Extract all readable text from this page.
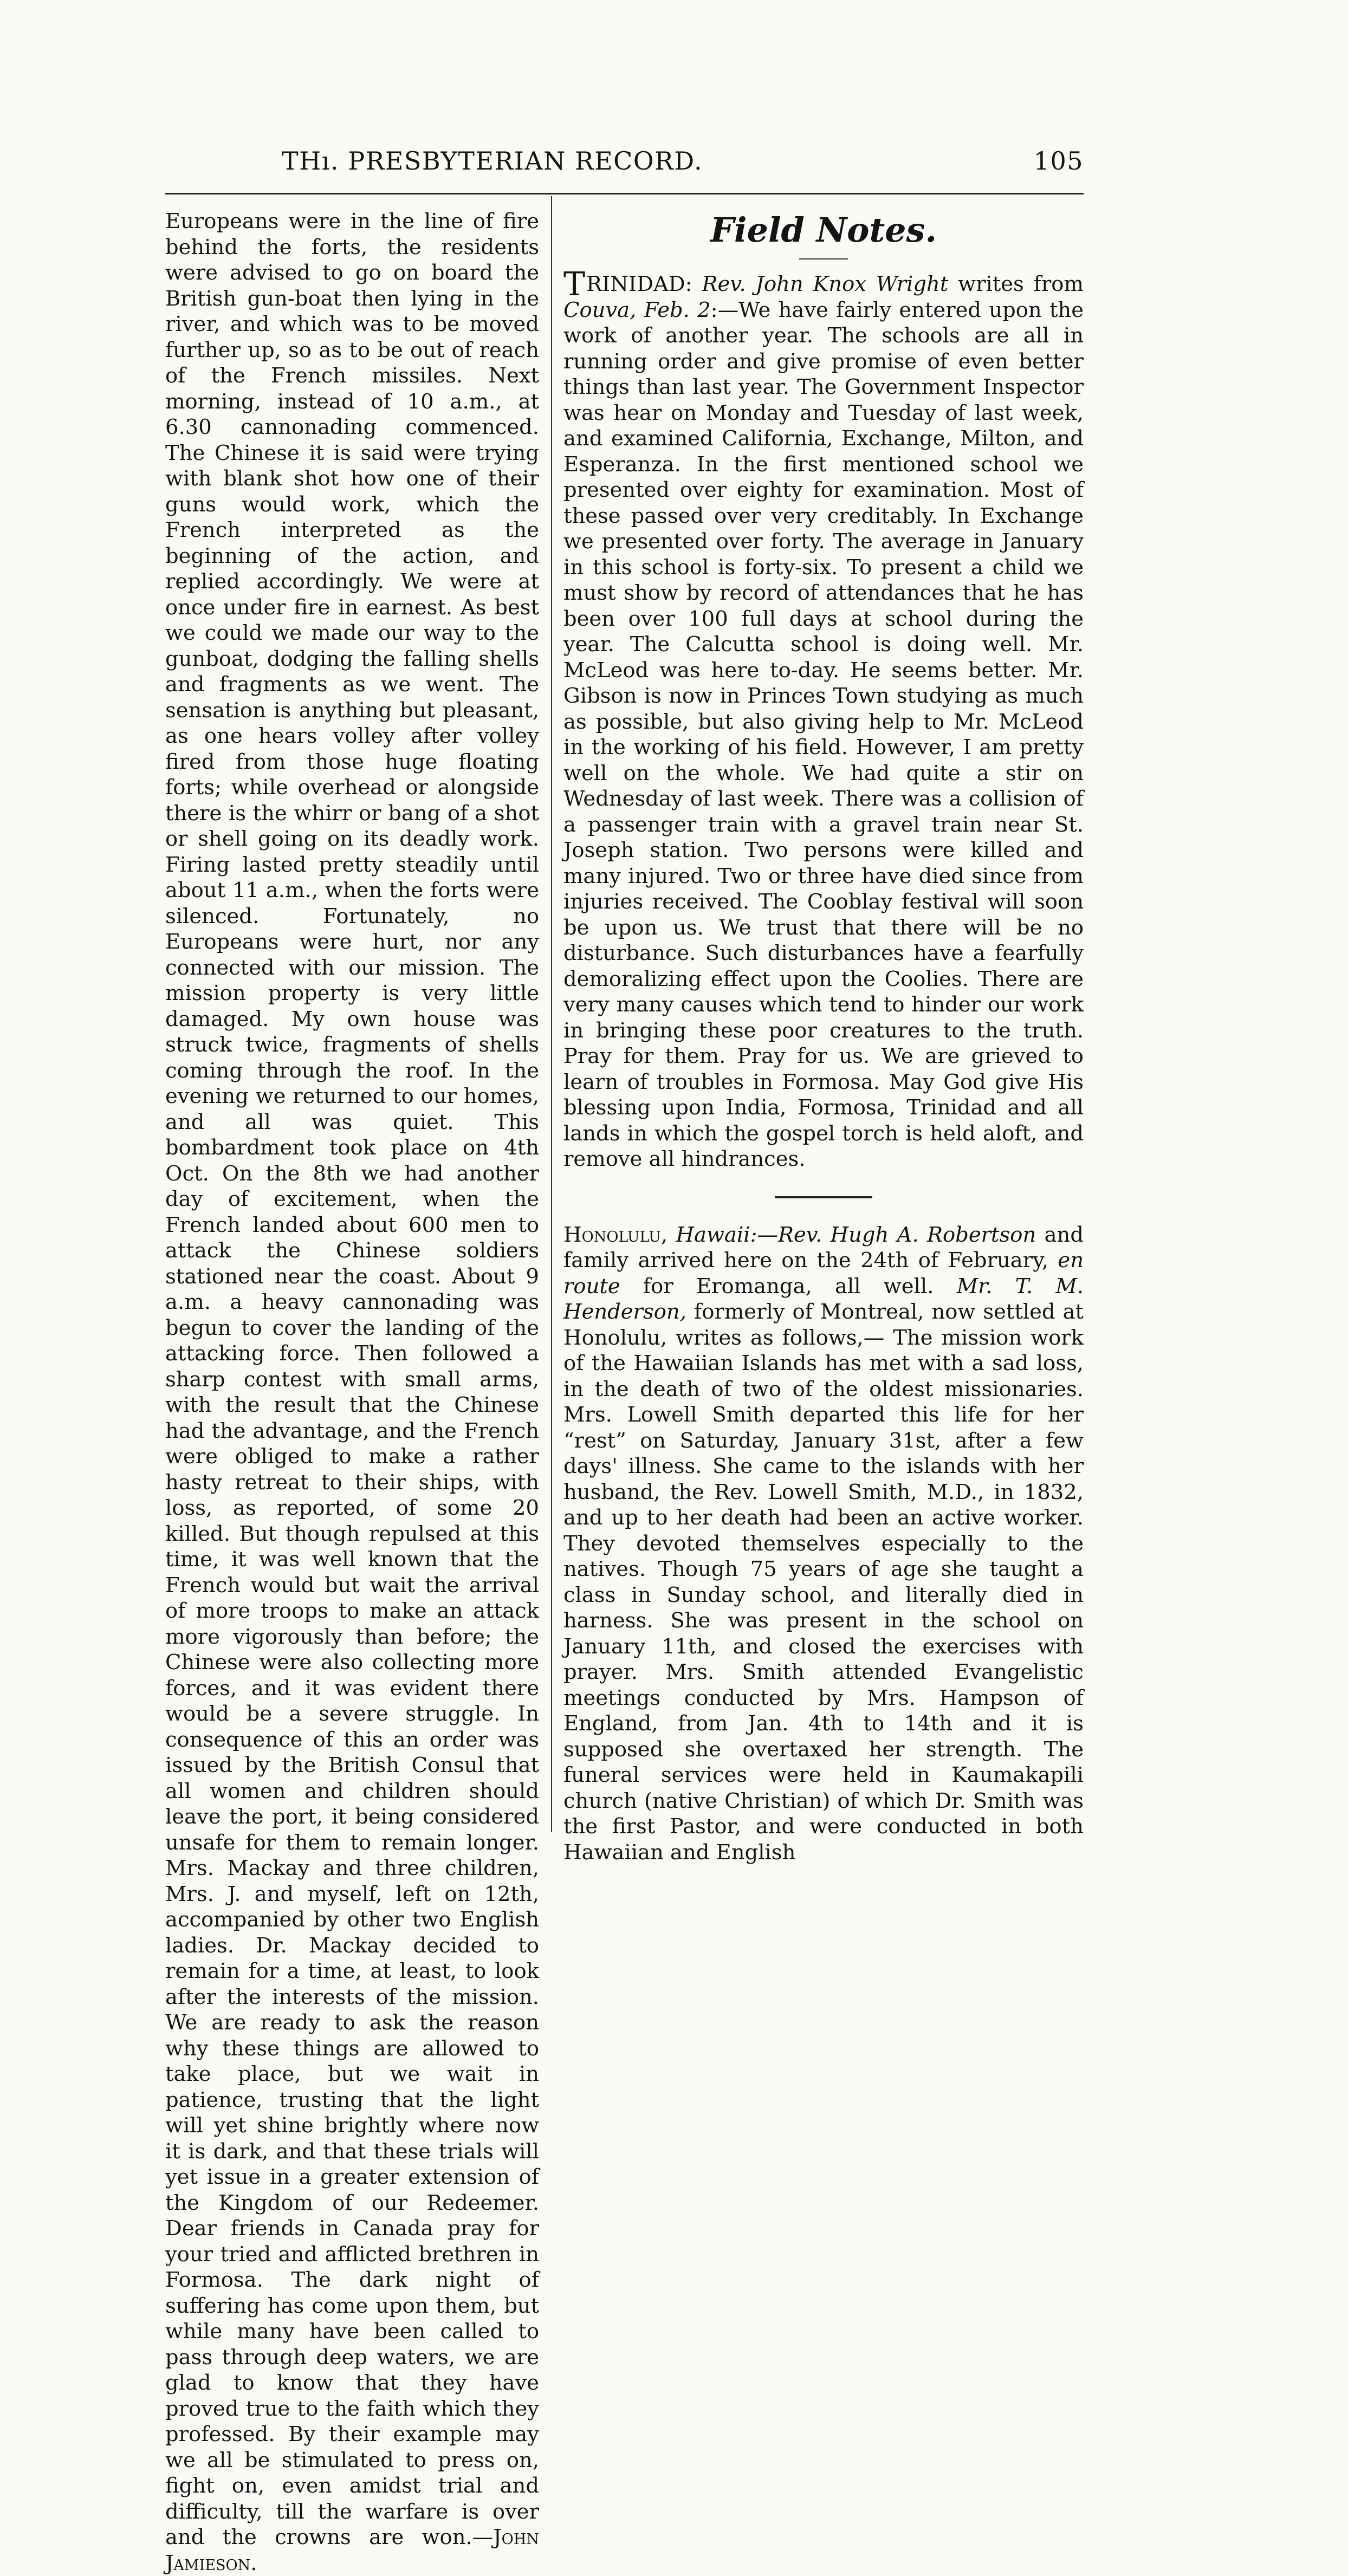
THı. PRESBYTERIAN RECORD.	105

Europeans were in the line of fire behind the forts, the residents were advised to go on board the British gun-boat then lying in the river, and which was to be moved further up, so as to be out of reach of the French missiles. Next morning, instead of 10 a.m., at 6.30 cannonading commenced. The Chinese it is said were trying with blank shot how one of their guns would work, which the French interpreted as the beginning of the action, and replied accordingly. We were at once under fire in earnest. As best we could we made our way to the gunboat, dodging the falling shells and fragments as we went. The sensation is anything but pleasant, as one hears volley after volley fired from those huge floating forts; while overhead or alongside there is the whirr or bang of a shot or shell going on its deadly work. Firing lasted pretty steadily until about 11 a.m., when the forts were silenced. Fortunately, no Europeans were hurt, nor any connected with our mission. The mission property is very little damaged. My own house was struck twice, fragments of shells coming through the roof. In the evening we returned to our homes, and all was quiet. This bombardment took place on 4th Oct. On the 8th we had another day of excitement, when the French landed about 600 men to attack the Chinese soldiers stationed near the coast. About 9 a.m. a heavy cannonading was begun to cover the landing of the attacking force. Then followed a sharp contest with small arms, with the result that the Chinese had the advantage, and the French were obliged to make a rather hasty retreat to their ships, with loss, as reported, of some 20 killed. But though repulsed at this time, it was well known that the French would but wait the arrival of more troops to make an attack more vigorously than before; the Chinese were also collecting more forces, and it was evident there would be a severe struggle. In consequence of this an order was issued by the British Consul that all women and children should leave the port, it being considered unsafe for them to remain longer. Mrs. Mackay and three children, Mrs. J. and myself, left on 12th, accompanied by other two English ladies. Dr. Mackay decided to remain for a time, at least, to look after the interests of the mission. We are ready to ask the reason why these things are allowed to take place, but we wait in patience, trusting that the light will yet shine brightly where now it is dark, and that these trials will yet issue in a greater extension of the Kingdom of our Redeemer. Dear friends in Canada pray for your tried and afflicted brethren in Formosa. The dark night of suffering has come upon them, but while many have been called to pass through deep waters, we are glad to know that they have proved true to the faith which they professed. By their example may we all be stimulated to press on, fight on, even amidst trial and difficulty, till the warfare is over and the crowns are won.—John Jamieson.

Field Notes.

TRINIDAD: Rev. John Knox Wright writes from Couva, Feb. 2:—We have fairly entered upon the work of another year. The schools are all in running order and give promise of even better things than last year. The Government Inspector was hear on Monday and Tuesday of last week, and examined California, Exchange, Milton, and Esperanza. In the first mentioned school we presented over eighty for examination. Most of these passed over very creditably. In Exchange we presented over forty. The average in January in this school is forty-six. To present a child we must show by record of attendances that he has been over 100 full days at school during the year. The Calcutta school is doing well. Mr. McLeod was here to-day. He seems better. Mr. Gibson is now in Princes Town studying as much as possible, but also giving help to Mr. McLeod in the working of his field. However, I am pretty well on the whole. We had quite a stir on Wednesday of last week. There was a collision of a passenger train with a gravel train near St. Joseph station. Two persons were killed and many injured. Two or three have died since from injuries received. The Cooblay festival will soon be upon us. We trust that there will be no disturbance. Such disturbances have a fearfully demoralizing effect upon the Coolies. There are very many causes which tend to hinder our work in bringing these poor creatures to the truth. Pray for them. Pray for us. We are grieved to learn of troubles in Formosa. May God give His blessing upon India, Formosa, Trinidad and all lands in which the gospel torch is held aloft, and remove all hindrances.

Honolulu, Hawaii:—Rev. Hugh A. Robertson and family arrived here on the 24th of February, en route for Eromanga, all well. Mr. T. M. Henderson, formerly of Montreal, now settled at Honolulu, writes as follows,— The mission work of the Hawaiian Islands has met with a sad loss, in the death of two of the oldest missionaries. Mrs. Lowell Smith departed this life for her “rest” on Saturday, January 31st, after a few days' illness. She came to the islands with her husband, the Rev. Lowell Smith, M.D., in 1832, and up to her death had been an active worker. They devoted themselves especially to the natives. Though 75 years of age she taught a class in Sunday school, and literally died in harness. She was present in the school on January 11th, and closed the exercises with prayer. Mrs. Smith attended Evangelistic meetings conducted by Mrs. Hampson of England, from Jan. 4th to 14th and it is supposed she overtaxed her strength. The funeral services were held in Kaumakapili church (native Christian) of which Dr. Smith was the first Pastor, and were conducted in both Hawaiian and English
